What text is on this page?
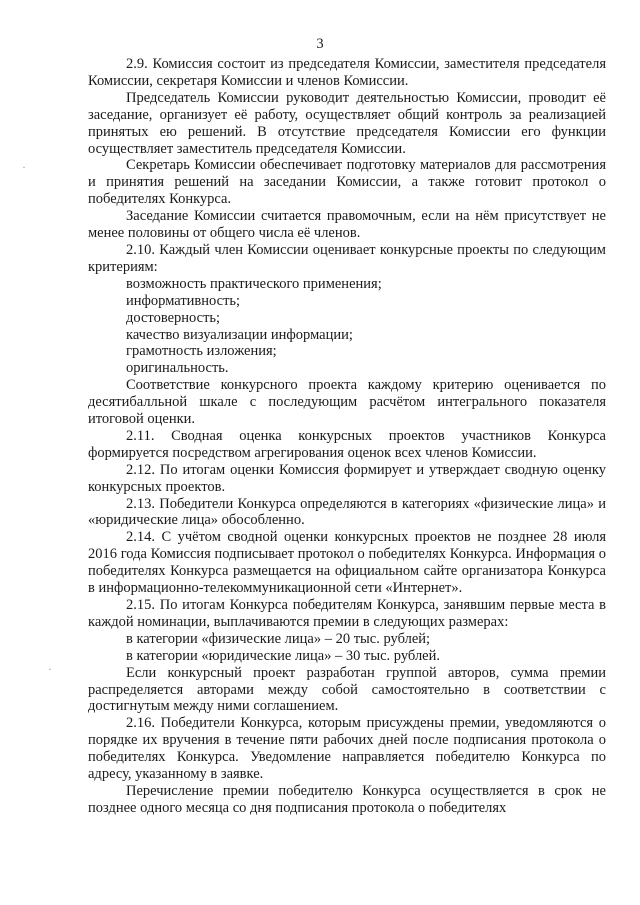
3

2.9. Комиссия состоит из председателя Комиссии, заместителя председателя Комиссии, секретаря Комиссии и членов Комиссии.

Председатель Комиссии руководит деятельностью Комиссии, проводит её заседание, организует её работу, осуществляет общий контроль за реализацией принятых ею решений. В отсутствие председателя Комиссии его функции осуществляет заместитель председателя Комиссии.

Секретарь Комиссии обеспечивает подготовку материалов для рассмотрения и принятия решений на заседании Комиссии, а также готовит протокол о победителях Конкурса.

Заседание Комиссии считается правомочным, если на нём присутствует не менее половины от общего числа её членов.

2.10. Каждый член Комиссии оценивает конкурсные проекты по следующим критериям:

возможность практического применения;

информативность;

достоверность;

качество визуализации информации;

грамотность изложения;

оригинальность.

Соответствие конкурсного проекта каждому критерию оценивается по десятибалльной шкале с последующим расчётом интегрального показателя итоговой оценки.

2.11. Сводная оценка конкурсных проектов участников Конкурса формируется посредством агрегирования оценок всех членов Комиссии.

2.12. По итогам оценки Комиссия формирует и утверждает сводную оценку конкурсных проектов.

2.13. Победители Конкурса определяются в категориях «физические лица» и «юридические лица» обособленно.

2.14. С учётом сводной оценки конкурсных проектов не позднее 28 июля 2016 года Комиссия подписывает протокол о победителях Конкурса. Информация о победителях Конкурса размещается на официальном сайте организатора Конкурса в информационно-телекоммуникационной сети «Интернет».

2.15. По итогам Конкурса победителям Конкурса, занявшим первые места в каждой номинации, выплачиваются премии в следующих размерах:

в категории «физические лица» – 20 тыс. рублей;

в категории «юридические лица» – 30 тыс. рублей.

Если конкурсный проект разработан группой авторов, сумма премии распределяется авторами между собой самостоятельно в соответствии с достигнутым между ними соглашением.

2.16. Победители Конкурса, которым присуждены премии, уведомляются о порядке их вручения в течение пяти рабочих дней после подписания протокола о победителях Конкурса. Уведомление направляется победителю Конкурса по адресу, указанному в заявке.

Перечисление премии победителю Конкурса осуществляется в срок не позднее одного месяца со дня подписания протокола о победителях

·
·
